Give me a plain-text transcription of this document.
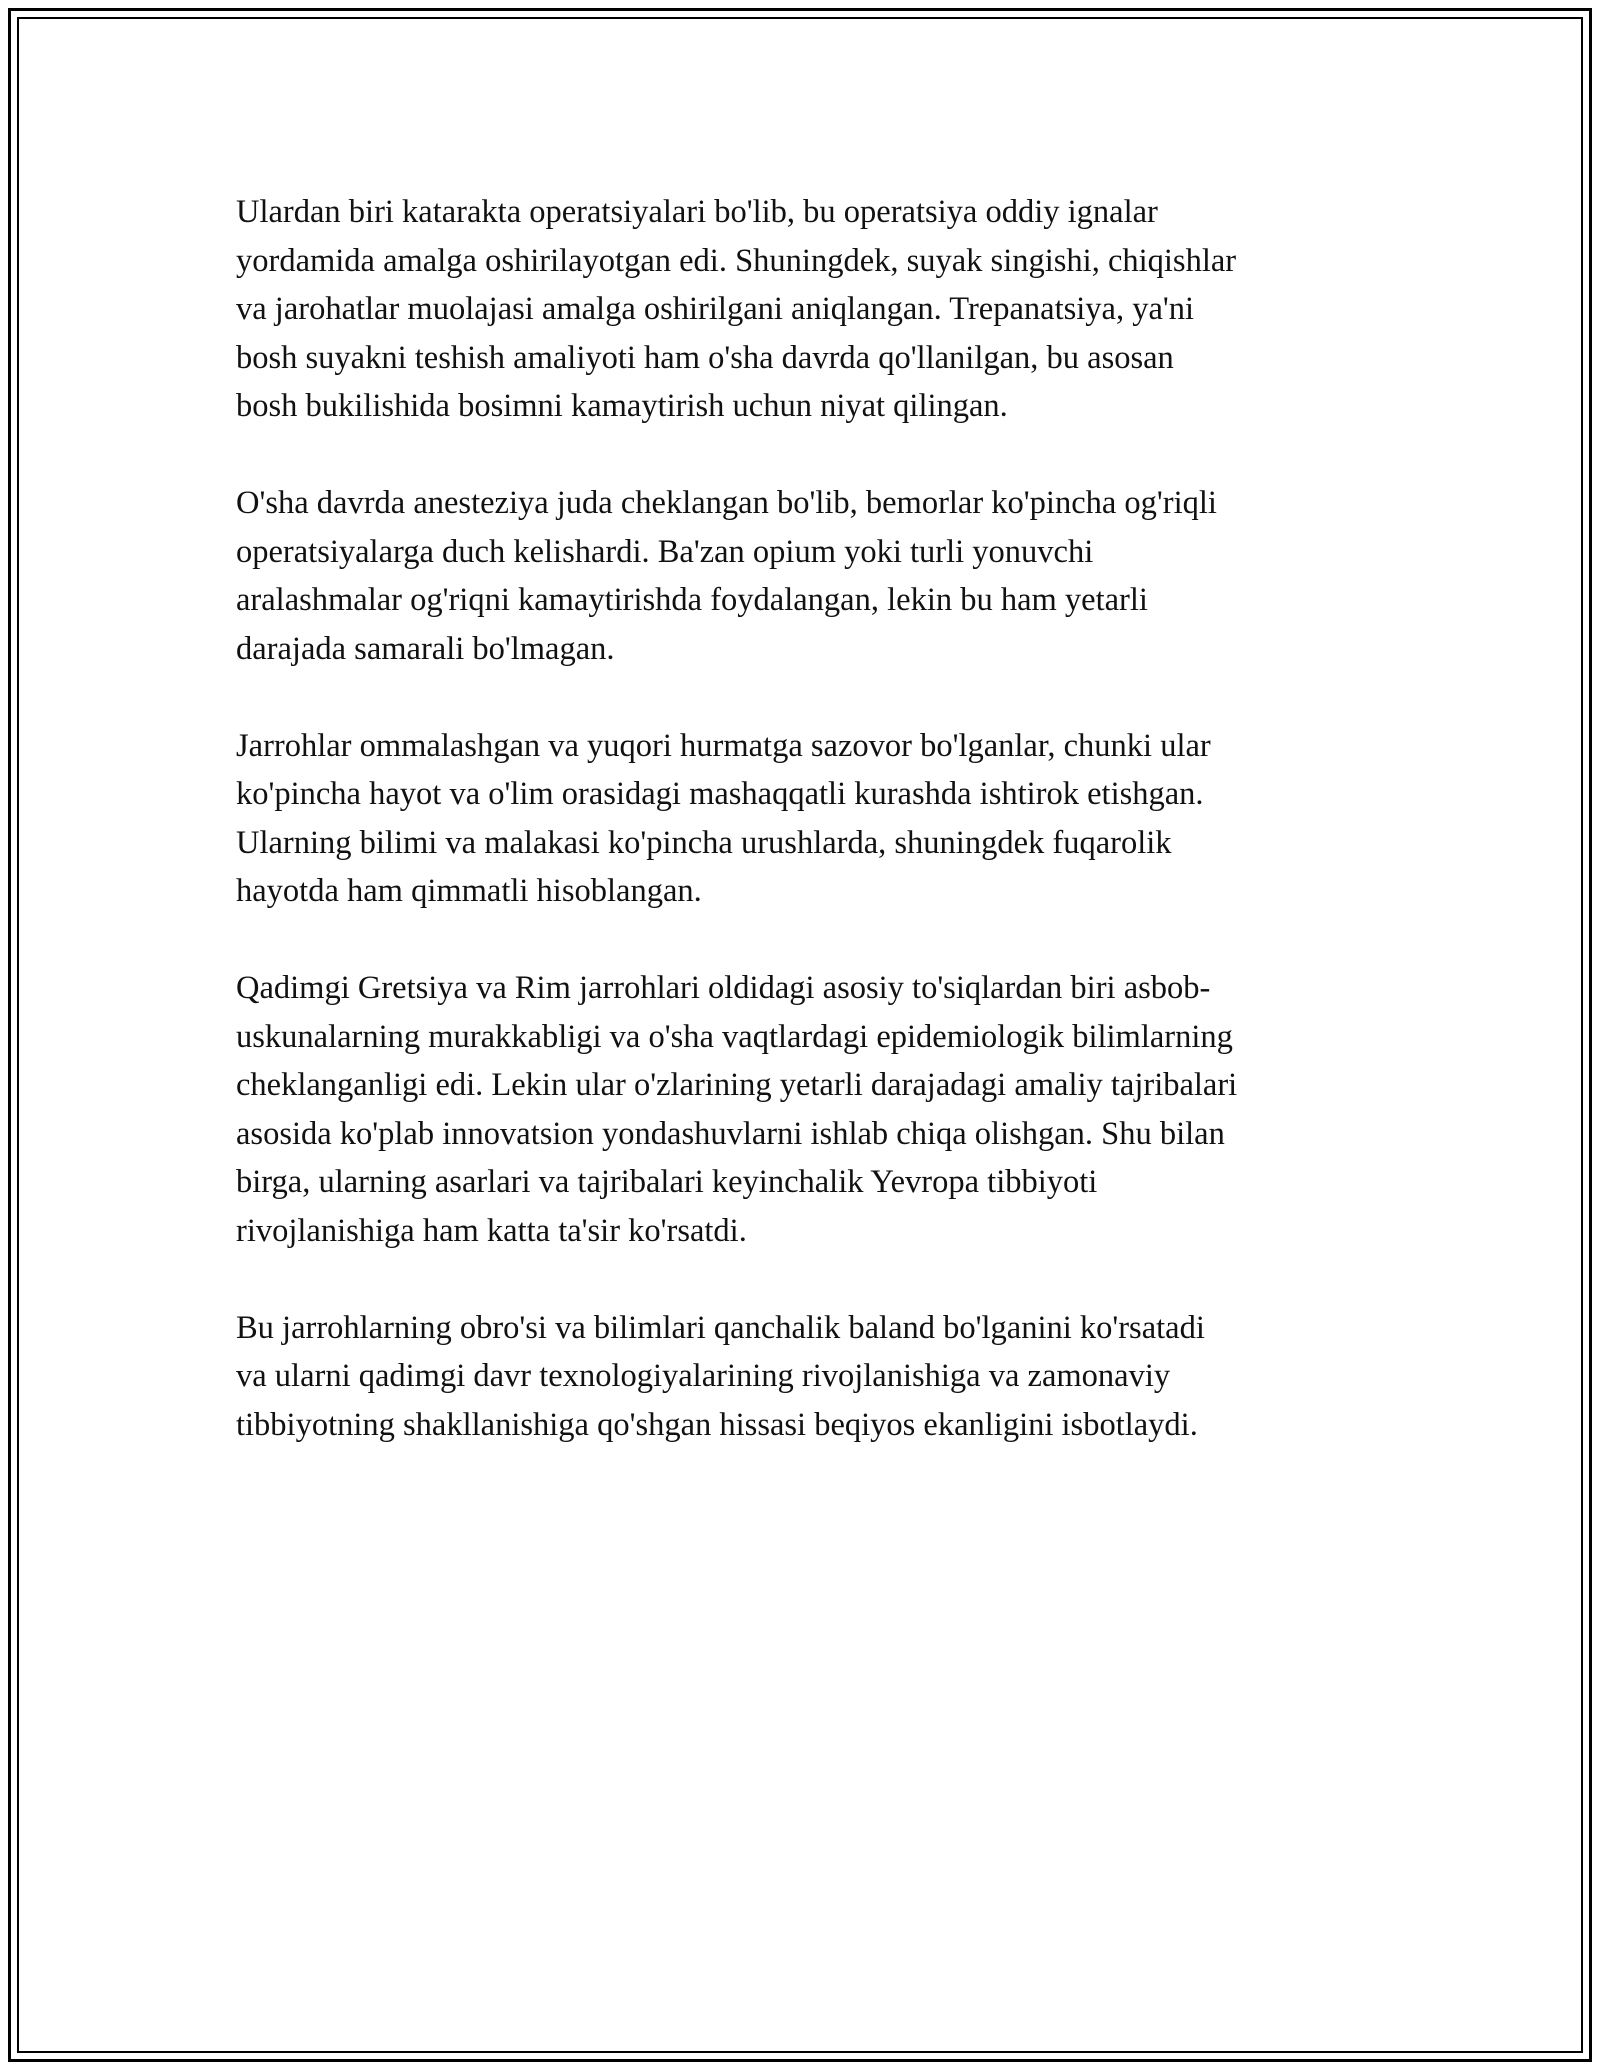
Ulardan biri katarakta operatsiyalari bo'lib, bu operatsiya oddiy ignalar
yordamida amalga oshirilayotgan edi. Shuningdek, suyak singishi, chiqishlar
va jarohatlar muolajasi amalga oshirilgani aniqlangan. Trepanatsiya, ya'ni
bosh suyakni teshish amaliyoti ham o'sha davrda qo'llanilgan, bu asosan
bosh bukilishida bosimni kamaytirish uchun niyat qilingan.

O'sha davrda anesteziya juda cheklangan bo'lib, bemorlar ko'pincha og'riqli
operatsiyalarga duch kelishardi. Ba'zan opium yoki turli yonuvchi
aralashmalar og'riqni kamaytirishda foydalangan, lekin bu ham yetarli
darajada samarali bo'lmagan.

Jarrohlar ommalashgan va yuqori hurmatga sazovor bo'lganlar, chunki ular
ko'pincha hayot va o'lim orasidagi mashaqqatli kurashda ishtirok etishgan.
Ularning bilimi va malakasi ko'pincha urushlarda, shuningdek fuqarolik
hayotda ham qimmatli hisoblangan.

Qadimgi Gretsiya va Rim jarrohlari oldidagi asosiy to'siqlardan biri asbob-
uskunalarning murakkabligi va o'sha vaqtlardagi epidemiologik bilimlarning
cheklanganligi edi. Lekin ular o'zlarining yetarli darajadagi amaliy tajribalari
asosida ko'plab innovatsion yondashuvlarni ishlab chiqa olishgan. Shu bilan
birga, ularning asarlari va tajribalari keyinchalik Yevropa tibbiyoti
rivojlanishiga ham katta ta'sir ko'rsatdi.

Bu jarrohlarning obro'si va bilimlari qanchalik baland bo'lganini ko'rsatadi
va ularni qadimgi davr texnologiyalarining rivojlanishiga va zamonaviy
tibbiyotning shakllanishiga qo'shgan hissasi beqiyos ekanligini isbotlaydi.
